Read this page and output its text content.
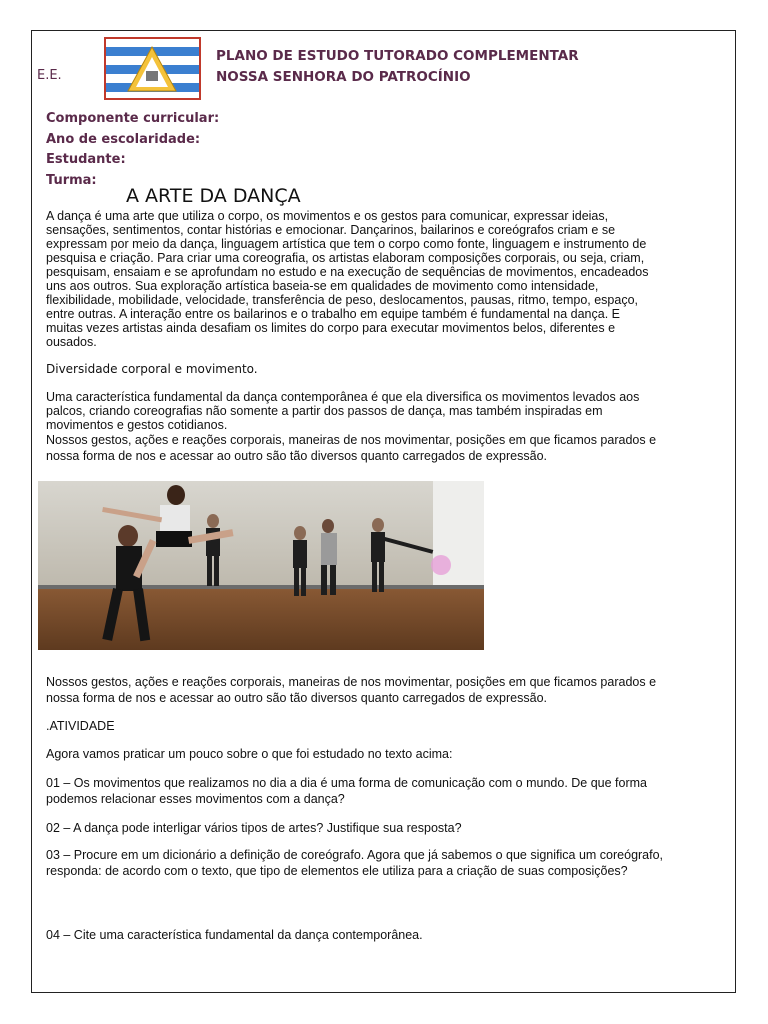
E.E.
PLANO DE ESTUDO TUTORADO COMPLEMENTAR
NOSSA SENHORA DO PATROCÍNIO
Componente curricular:
Ano de escolaridade:
Estudante:
Turma:
A ARTE DA DANÇA
A dança é uma arte que utiliza o corpo, os movimentos e os gestos para comunicar, expressar ideias, sensações, sentimentos, contar histórias e emocionar. Dançarinos, bailarinos e coreógrafos criam e se expressam por meio da dança, linguagem artística que tem o corpo como fonte, linguagem e instrumento de pesquisa e criação. Para criar uma coreografia, os artistas elaboram composições corporais, ou seja, criam, pesquisam, ensaiam e se aprofundam no estudo e na execução de sequências de movimentos, encadeados uns aos outros. Sua exploração artística baseia-se em qualidades de movimento como intensidade, flexibilidade, mobilidade, velocidade, transferência de peso, deslocamentos, pausas, ritmo, tempo, espaço, entre outras. A interação entre os bailarinos e o trabalho em equipe também é fundamental na dança. E muitas vezes artistas ainda desafiam os limites do corpo para executar movimentos belos, diferentes e ousados.
Diversidade corporal e movimento.
Uma característica fundamental da dança contemporânea é que ela diversifica os movimentos levados aos palcos, criando coreografias não somente a partir dos passos de dança, mas também inspiradas em movimentos e gestos cotidianos.
Nossos gestos, ações e reações corporais, maneiras de nos movimentar, posições em que ficamos parados e nossa forma de nos e acessar ao outro são tão diversos quanto carregados de expressão.
Nossos gestos, ações e reações corporais, maneiras de nos movimentar, posições em que ficamos parados e nossa forma de nos e acessar ao outro são tão diversos quanto carregados de expressão.
.ATIVIDADE
Agora vamos praticar um pouco sobre o que foi estudado no texto acima:
01 – Os movimentos que realizamos no dia a dia é uma forma de comunicação com o mundo. De que forma podemos relacionar esses movimentos com a dança?
02 – A dança pode interligar vários tipos de artes? Justifique sua resposta?
03 – Procure em um dicionário a definição de coreógrafo. Agora que já sabemos o que significa um coreógrafo, responda: de acordo com o texto, que tipo de elementos ele utiliza para a criação de suas composições?
04 – Cite uma característica fundamental da dança contemporânea.
